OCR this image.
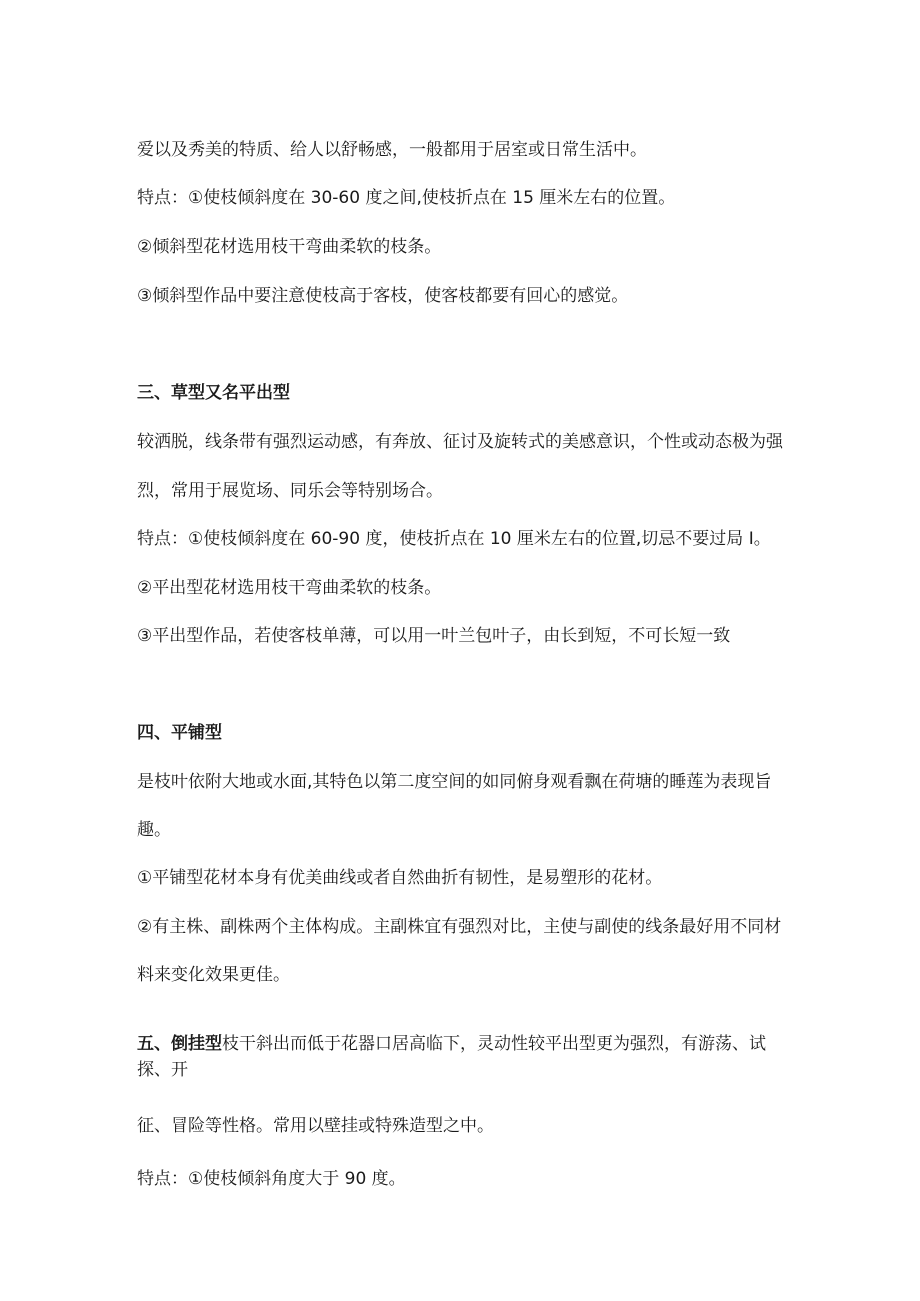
爱以及秀美的特质、给人以舒畅感，一般都用于居室或日常生活中。
特点：①使枝倾斜度在 30-60 度之间,使枝折点在 15 厘米左右的位置。
②倾斜型花材选用枝干弯曲柔软的枝条。
③倾斜型作品中要注意使枝高于客枝，使客枝都要有回心的感觉。
三、草型又名平出型
较洒脱，线条带有强烈运动感，有奔放、征讨及旋转式的美感意识，个性或动态极为强
烈，常用于展览场、同乐会等特别场合。
特点：①使枝倾斜度在 60-90 度，使枝折点在 10 厘米左右的位置,切忌不要过局 I。
②平出型花材选用枝干弯曲柔软的枝条。
③平出型作品，若使客枝单薄，可以用一叶兰包叶子，由长到短，不可长短一致
四、平铺型
是枝叶依附大地或水面,其特色以第二度空间的如同俯身观看飘在荷塘的睡莲为表现旨
趣。
①平铺型花材本身有优美曲线或者自然曲折有韧性，是易塑形的花材。
②有主株、副株两个主体构成。主副株宜有强烈对比，主使与副使的线条最好用不同材
料来变化效果更佳。
五、倒挂型枝干斜出而低于花器口居高临下，灵动性较平出型更为强烈，有游荡、试
探、开
征、冒险等性格。常用以壁挂或特殊造型之中。
特点：①使枝倾斜角度大于 90 度。
